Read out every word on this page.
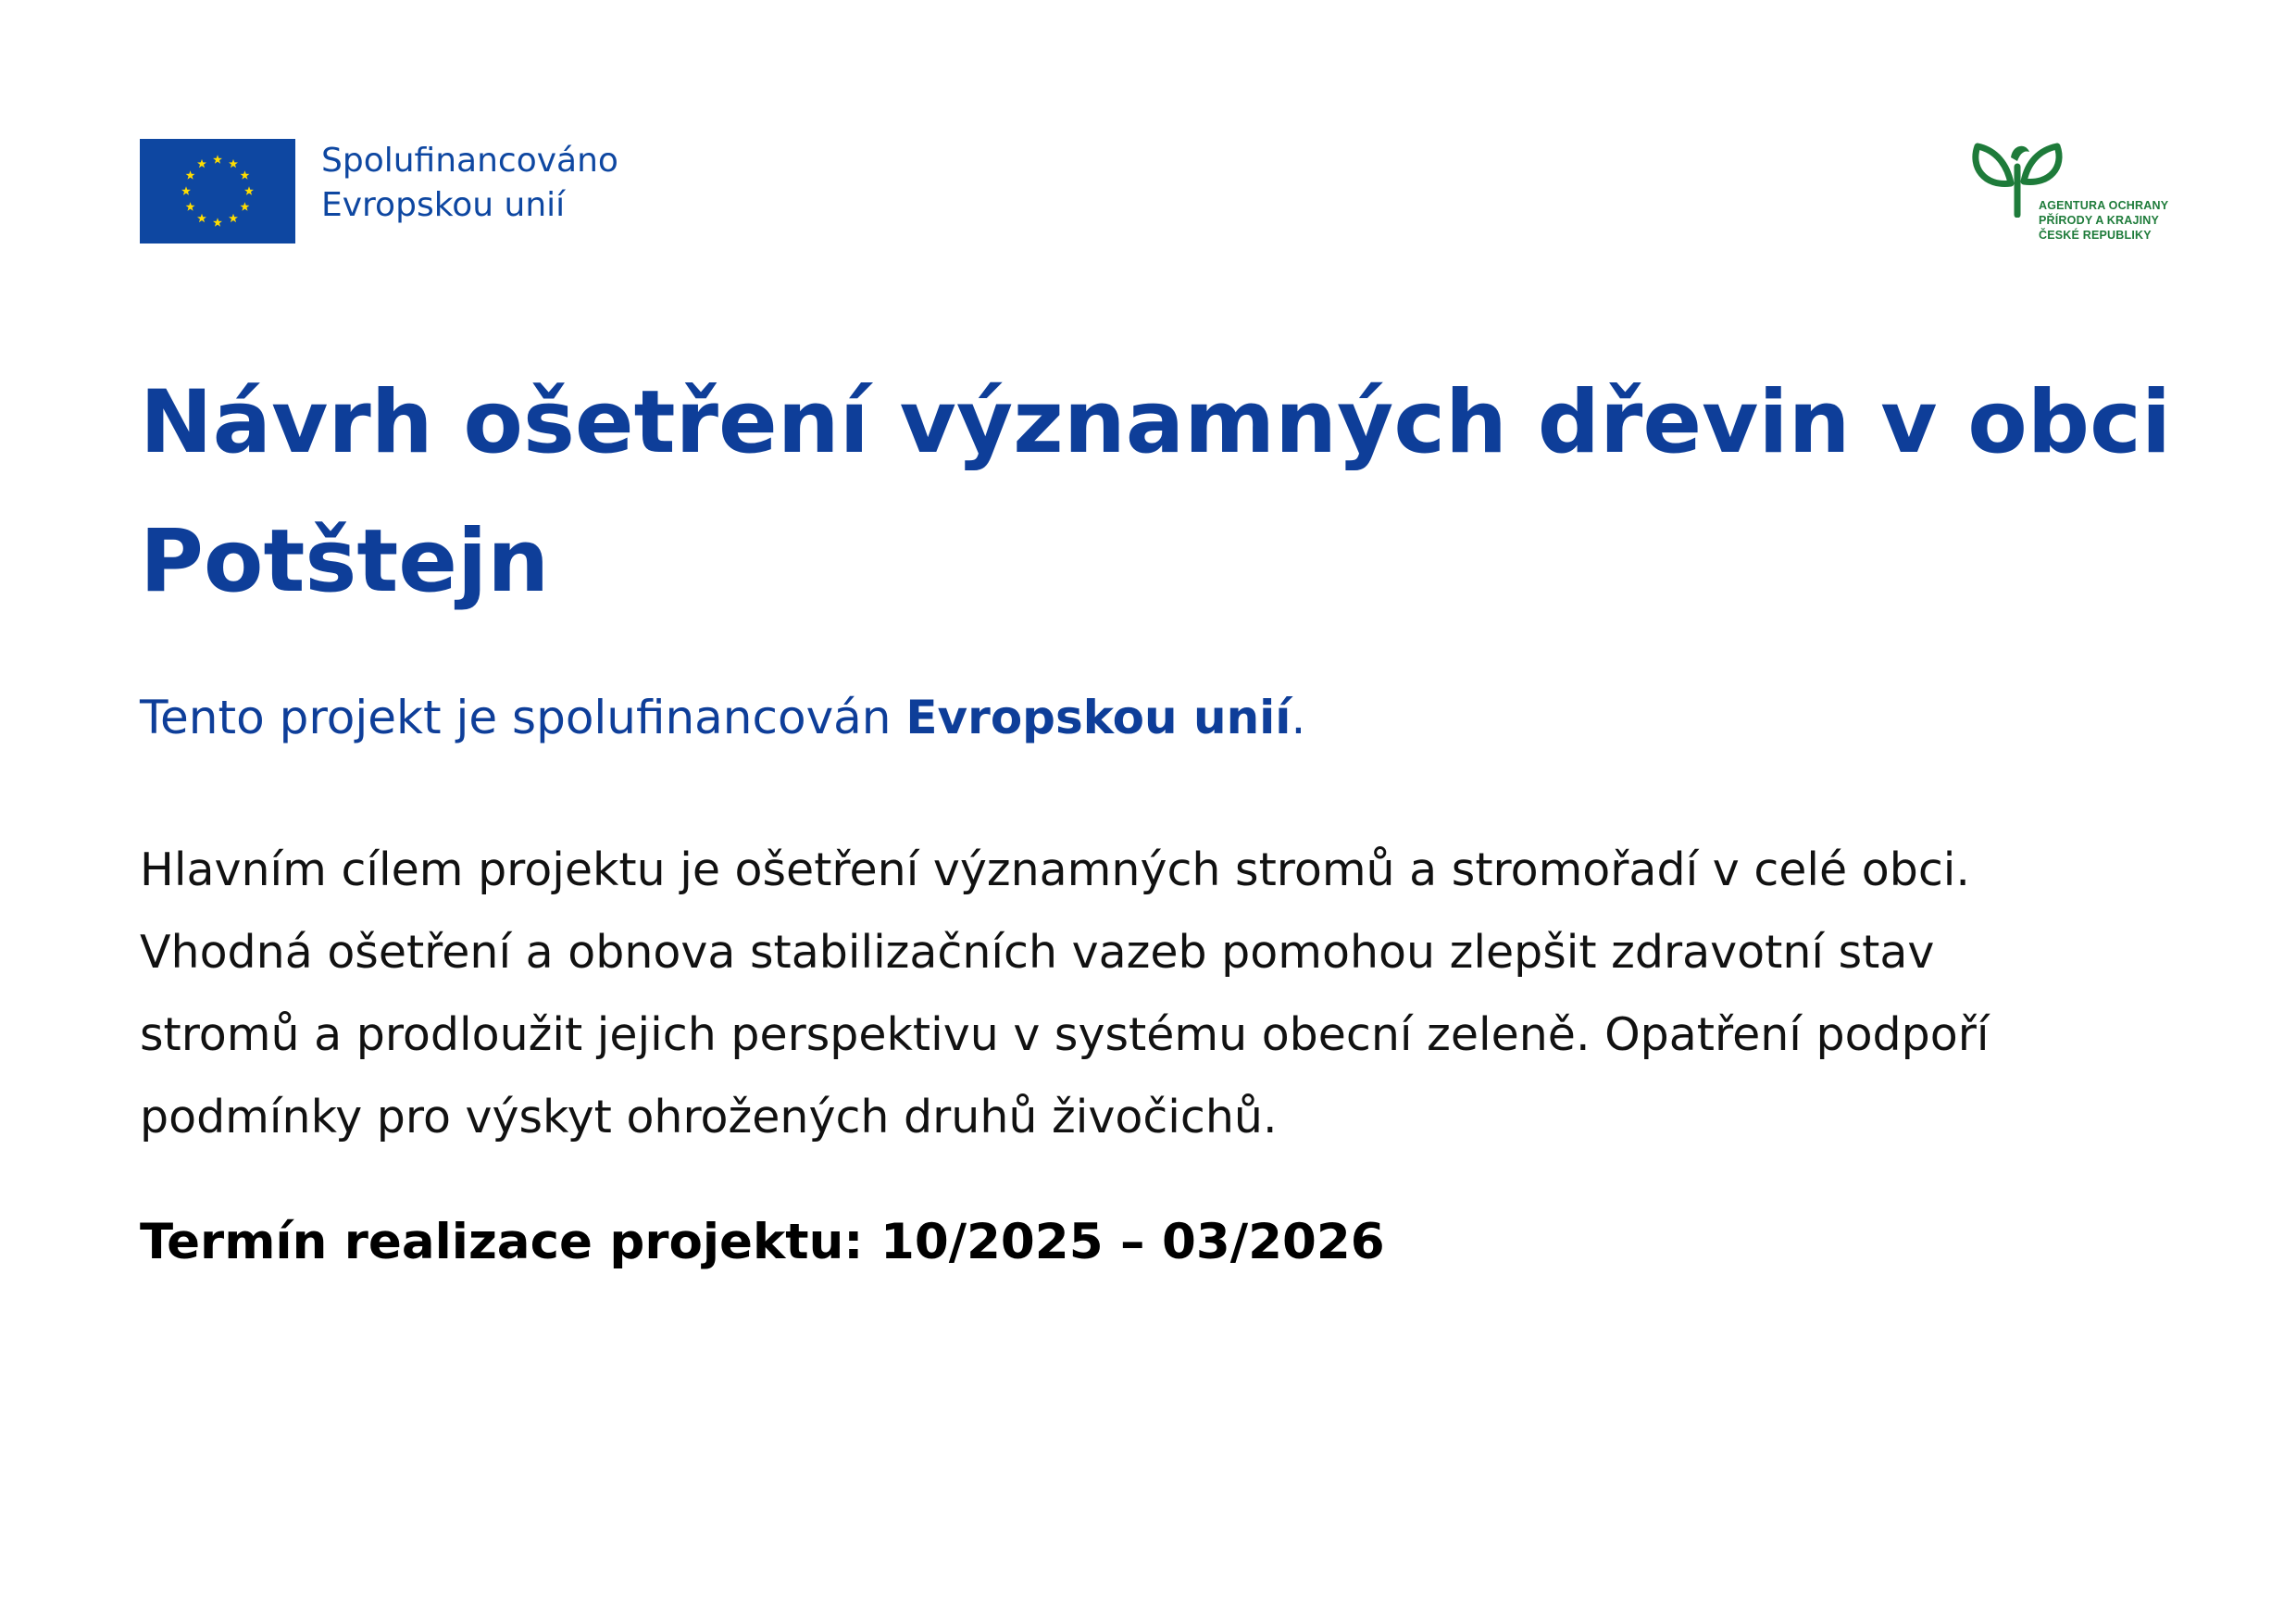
Spolufinancováno
Evropskou unií	AGENTURA OCHRANY
PŘÍRODY A KRAJINY
ČESKÉ REPUBLIKY
Návrh ošetření významných dřevin v obci
Potštejn
Tento projekt je spolufinancován Evropskou unií.
Hlavním cílem projektu je ošetření významných stromů a stromořadí v celé obci.
Vhodná ošetření a obnova stabilizačních vazeb pomohou zlepšit zdravotní stav
stromů a prodloužit jejich perspektivu v systému obecní zeleně. Opatření podpoří
podmínky pro výskyt ohrožených druhů živočichů.
Termín realizace projektu: 10/2025 – 03/2026
